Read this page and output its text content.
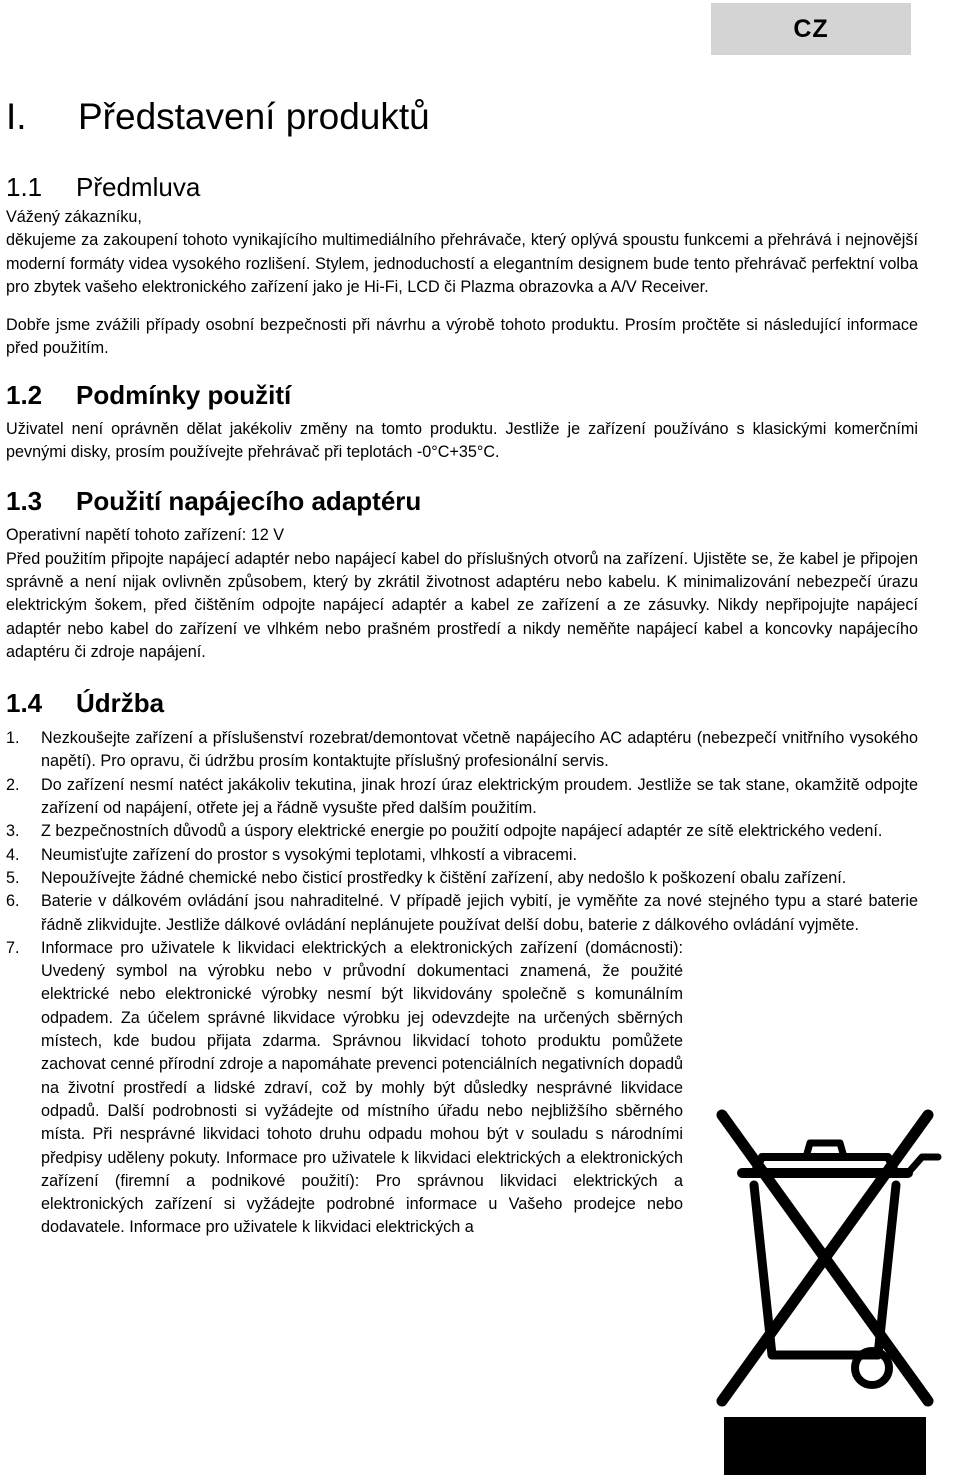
CZ
I.	Představení produktů
1.1	Předmluva

Vážený zákazníku,

děkujeme za zakoupení tohoto vynikajícího multimediálního přehrávače, který oplývá spoustu funkcemi a přehrává i nejnovější moderní formáty videa vysokého rozlišení. Stylem, jednoduchostí a elegantním designem bude tento přehrávač perfektní volba pro zbytek vašeho elektronického zařízení jako je Hi-Fi, LCD či Plazma obrazovka a A/V Receiver.

Dobře jsme zvážili případy osobní bezpečnosti při návrhu a výrobě tohoto produktu. Prosím pročtěte si následující informace před použitím.

1.2	Podmínky použití

Uživatel není oprávněn dělat jakékoliv změny na tomto produktu. Jestliže je zařízení používáno s klasickými komerčními pevnými disky, prosím používejte přehrávač při teplotách -0°C+35°C.

1.3	Použití napájecího adaptéru

Operativní napětí tohoto zařízení: 12 V

Před použitím připojte napájecí adaptér nebo napájecí kabel do příslušných otvorů na zařízení. Ujistěte se, že kabel je připojen správně a není nijak ovlivněn způsobem, který by zkrátil životnost adaptéru nebo kabelu. K minimalizování nebezpečí úrazu elektrickým šokem, před čištěním odpojte napájecí adaptér a kabel ze zařízení a ze zásuvky. Nikdy nepřipojujte napájecí adaptér nebo kabel do zařízení ve vlhkém nebo prašném prostředí a nikdy neměňte napájecí kabel a koncovky napájecího adaptéru či zdroje napájení.

1.4	Údržba
1. Nezkoušejte zařízení a příslušenství rozebrat/demontovat včetně napájecího AC adaptéru (nebezpečí vnitřního vysokého napětí). Pro opravu, či údržbu prosím kontaktujte příslušný profesionální servis.
2. Do zařízení nesmí natéct jakákoliv tekutina, jinak hrozí úraz elektrickým proudem. Jestliže se tak stane, okamžitě odpojte zařízení od napájení, otřete jej a řádně vysušte před dalším použitím.
3. Z bezpečnostních důvodů a úspory elektrické energie po použití odpojte napájecí adaptér ze sítě elektrického vedení.
4. Neumisťujte zařízení do prostor s vysokými teplotami, vlhkostí a vibracemi.
5. Nepoužívejte žádné chemické nebo čisticí prostředky k čištění zařízení, aby nedošlo k poškození obalu zařízení.
6. Baterie v dálkovém ovládání jsou nahraditelné. V případě jejich vybití, je vyměňte za nové stejného typu a staré baterie řádně zlikvidujte. Jestliže dálkové ovládání neplánujete používat delší dobu, baterie z dálkového ovládání vyjměte.
7. Informace pro uživatele k likvidaci elektrických a elektronických zařízení (domácnosti): Uvedený symbol na výrobku nebo v průvodní dokumentaci znamená, že použité elektrické nebo elektronické výrobky nesmí být likvidovány společně s komunálním odpadem. Za účelem správné likvidace výrobku jej odevzdejte na určených sběrných místech, kde budou přijata zdarma. Správnou likvidací tohoto produktu pomůžete zachovat cenné přírodní zdroje a napomáhate prevenci potenciálních negativních dopadů na životní prostředí a lidské zdraví, což by mohly být důsledky nesprávné likvidace odpadů. Další podrobnosti si vyžádejte od místního úřadu nebo nejbližšího sběrného místa. Při nesprávné likvidaci tohoto druhu odpadu mohou být v souladu s národními předpisy uděleny pokuty. Informace pro uživatele k likvidaci elektrických a elektronických zařízení (firemní a podnikové použití): Pro správnou likvidaci elektrických a elektronických zařízení si vyžádejte podrobné informace u Vašeho prodejce nebo dodavatele. Informace pro uživatele k likvidaci elektrických a
